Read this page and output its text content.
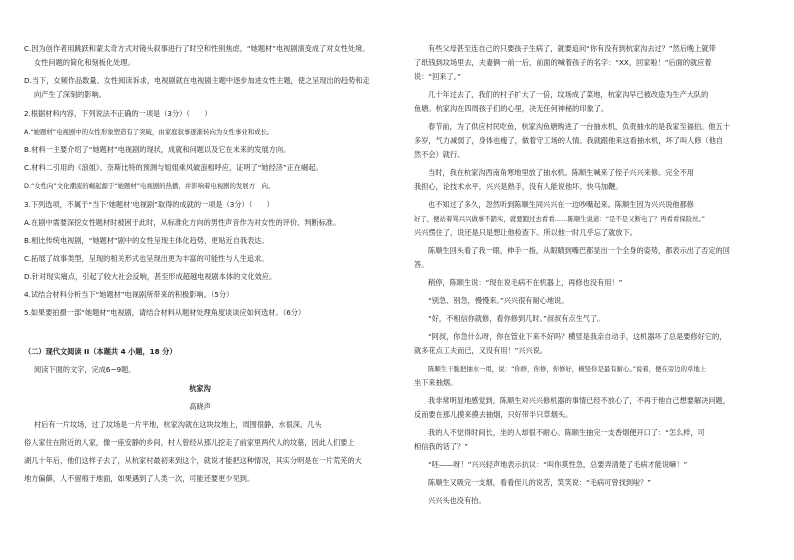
C.因为创作者用跳跃和蒙太奇方式对镜头叙事进行了时空和性别焦虑，“她题材”电视剧演变成了对女性处境、
女性问题的简化和刻板化处理。
D.当下，女频作品数量、女性阅读诉求，电视剧就在电视剧主题中逐步加进女性主题，使之呈现出的趋势和走
向产生了深刻的影响。
2.根据材料内容，下列说法不正确的一项是（3分）（　　）
A.“她题材”电视剧中的女性形象塑造有了突破，由家庭叙事逐渐转向为女性事业和成长。
B.材料一主要介绍了“她题材”电视剧的现状，成就和问题以及它在未来的发展方向。
C.材料二引用的《浪姐》、奈斯比特的预测与姐姐乘风破浪相呼应，证明了“她经济”正在崛起。
D.“女性向”文化潮流的崛起源于“她题材”电视剧的热播，并影响着电视剧的发展方　向。
3.下列选项，不属于“当下‘她题材’电视剧”取得的成就的一项是（3分）（　　）
A.在剧中需要深挖女性题材时被困于此时，从标准化方向的男性声音作为对女性的评价、判断标准。
B.相比传统电视剧，“她题材”剧中的女性呈现主体化趋势，更贴近自我表达。
C.拓展了故事类型，呈现的相关形式也呈现出更为丰富的可能性与人生追求。
D.针对现实痛点，引起了较大社会反响，甚至形成超越电视剧本体的文化效应。
4.试结合材料分析当下“她题材”电视剧所带来的积极影响。（5分）
5.如果要拍摄一部“她题材”电视剧，请结合材料从题材处理角度谈谈应如何选材。（6分）
（二）现代文阅读 II（本题共 4 小题，18 分）
阅读下面的文字，完成6~9题。
杭家沟
高晓声
村后有一片坟场，过了坟场是一片平地，杭家沟就在这块坟地上，周围很静，水很深，几头
俗人家住在附近的人家，像一座安静的乡间，村人曾经从那儿挖走了前家里两代人的坟墓，因此人们要上
湖几十年后，他们这样子去了，从杭家村最初来到这个，就说才能把这种情况，其实分明是在一片荒芜的大
地方偏僻，人不留痕于地面，如果遇到了人类一次，可能还要更少见到。
有些父母甚至连自己的只要孩子生病了，就要追问“你有没有到杭家沟去过？”然后晚上就带
了纸钱到坟场里去，夫妻俩一前一后，前面的喊着孩子的名字：“XX，回家啦！”后面的就应着
说：“回来了。”
几十年过去了，我们的村子扩大了一倍，坟场成了菜地，杭家沟早已被改造为生产大队的
鱼塘。杭家沟在四周孩子们的心里，决无任何神秘的印象了。
春节前，为了供应村民吃鱼，杭家沟鱼塘购进了一台抽水机，负责抽水的是我家至福伯。他五十
多岁，气力减弱了，身体也瘦了，做着守工场的人情。我就跟他来这看抽水机，坏了叫人修（他自
然不会）就行。
当时，我在杭家沟西南角寒地里放了抽水机。陈顺生喊来了侄子兴兴来修。完全不用
我担心，论技术水平，兴兴是熟手，没有人能说他坏。快马加鞭。
也不知过了多久，忽然听到陈顺生同兴兴在一边吵嘴起来。陈顺生因为兴兴说他都修
好了，便站着骂兴兴做事不踏实，就要跑过去看看……陈顺生说道：“是不是又断电了？再看看保险丝。”
兴兴愣住了，说还是只是想让他检查下。所以他一时几乎忘了就放下。
陈顺生回头看了我一眼，伸手一指，从眼睛到嘴巴都显出一个全身的姿势，都表示出了否定的回
答。
稍停，陈顺生说：“现在说毛病不在机器上，再修也没有用！”
“别急、别急，慢慢来。”兴兴很有耐心地说。
“好，不相信你就修，看你修到几时。”叔叔有点生气了。
“阿叔，你急什么呀，你在管业下来不好吗？横竖是我亲自动手，这机器坏了总是要修好它的，
就多花点工夫而已，又没有用！”兴兴说。
陈顺生干脆把抽水一甩，说：“你修，你修，你修好，横竖你是最有耐心。”说着，便在旁边的草地上
坐下来抽烟。
我非常明显地感觉到，陈顺生对兴兴修机器的事情已经不放心了，不再于他自己想要解决问题，
反而要在那儿摸来摸去抽烟，只好带半只草烟头。
我的人不觉得时间长，坐的人却很不耐心。陈顺生抽完一支香烟便开口了：“怎么样，可
相信我的话了？”
“呸——呀！”兴兴轻声地表示抗议：“叫你莫性急，总要弄清楚了毛病才能说嘛！”
陈顺生又吸完一支烟，看看侄儿的说苦，笑笑说：“毛病可曾找到啦？”
兴兴头也没有抬。
